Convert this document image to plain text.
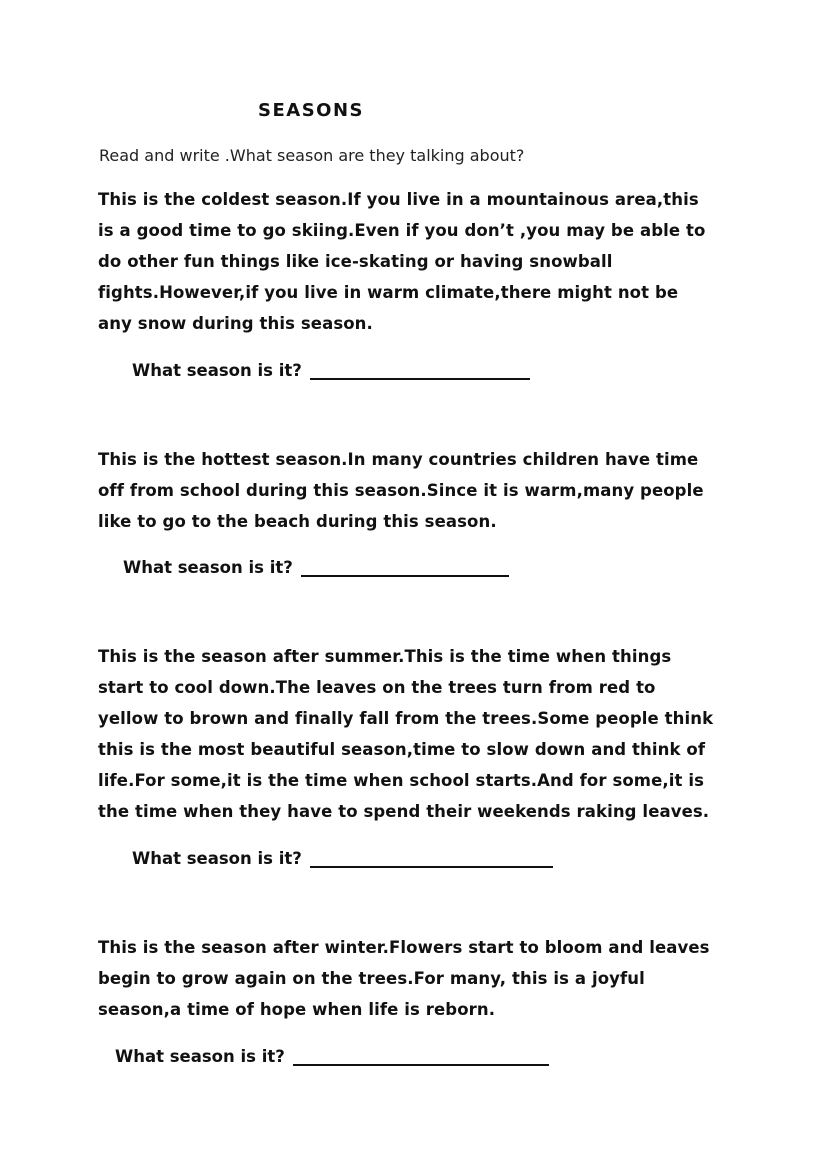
SEASONS
Read and write .What season are they talking about?
This is the coldest season.If you live in a mountainous area,this
is a good time to go skiing.Even if you don’t ,you may be able to
do other fun things like ice-skating or having snowball
fights.However,if you live in warm climate,there might not be
any snow during this season.
What season is it?
This is the hottest season.In many countries children have time
off from school during this season.Since it is warm,many people
like to go to the beach during this season.
What season is it?
This is the season after summer.This is the time when things
start to cool down.The leaves on the trees turn from red to
yellow to brown and finally fall from the trees.Some people think
this is the most beautiful season,time to slow down and think of
life.For some,it is the time when school starts.And for some,it is
the time when they have to spend their weekends raking leaves.
What season is it?
This is the season after winter.Flowers start to bloom and leaves
begin to grow again on the trees.For many, this is a joyful
season,a time of hope when life is reborn.
What season is it?
